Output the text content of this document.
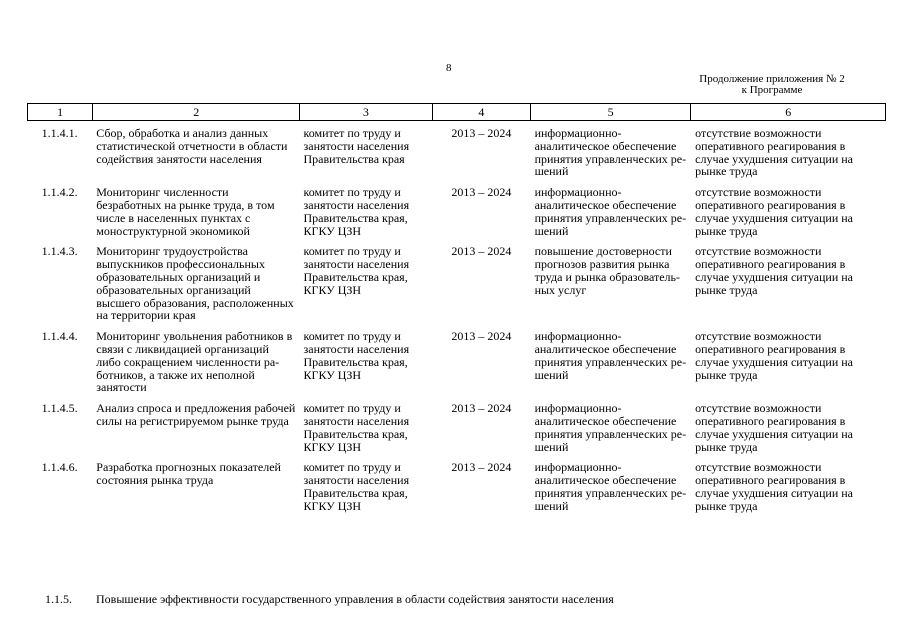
8
Продолжение приложения № 2
к Программе
1	2	3	4	5	6
1.1.4.1.	Сбор, обработка и анализ данных статистической отчетности в области содействия занятости населения	комитет по труду и занятости населения Правительства края	2013 – 2024	информационно-аналитическое обеспечение принятия управленческих решений	отсутствие возможности оперативного реагирования в случае ухудшения ситуации на рынке труда
1.1.4.2.	Мониторинг численности безработных на рынке труда, в том числе в населенных пунктах с моноструктурной экономикой	комитет по труду и занятости населения Правительства края, КГКУ ЦЗН	2013 – 2024	информационно-аналитическое обеспечение принятия управленческих решений	отсутствие возможности оперативного реагирования в случае ухудшения ситуации на рынке труда
1.1.4.3.	Мониторинг трудоустройства выпускников профессиональных образовательных организаций и образовательных организаций высшего образования, расположенных на территории края	комитет по труду и занятости населения Правительства края, КГКУ ЦЗН	2013 – 2024	повышение достоверности прогнозов развития рынка труда и рынка образовательных услуг	отсутствие возможности оперативного реагирования в случае ухудшения ситуации на рынке труда
1.1.4.4.	Мониторинг увольнения работников в связи с ликвидацией организаций либо сокращением численности работников, а также их неполной занятости	комитет по труду и занятости населения Правительства края, КГКУ ЦЗН	2013 – 2024	информационно-аналитическое обеспечение принятия управленческих решений	отсутствие возможности оперативного реагирования в случае ухудшения ситуации на рынке труда
1.1.4.5.	Анализ спроса и предложения рабочей силы на регистрируемом рынке труда	комитет по труду и занятости населения Правительства края, КГКУ ЦЗН	2013 – 2024	информационно-аналитическое обеспечение принятия управленческих решений	отсутствие возможности оперативного реагирования в случае ухудшения ситуации на рынке труда
1.1.4.6.	Разработка прогнозных показателей состояния рынка труда	комитет по труду и занятости населения Правительства края, КГКУ ЦЗН	2013 – 2024	информационно-аналитическое обеспечение принятия управленческих решений	отсутствие возможности оперативного реагирования в случае ухудшения ситуации на рынке труда
1.1.5. Повышение эффективности государственного управления в области содействия занятости населения
